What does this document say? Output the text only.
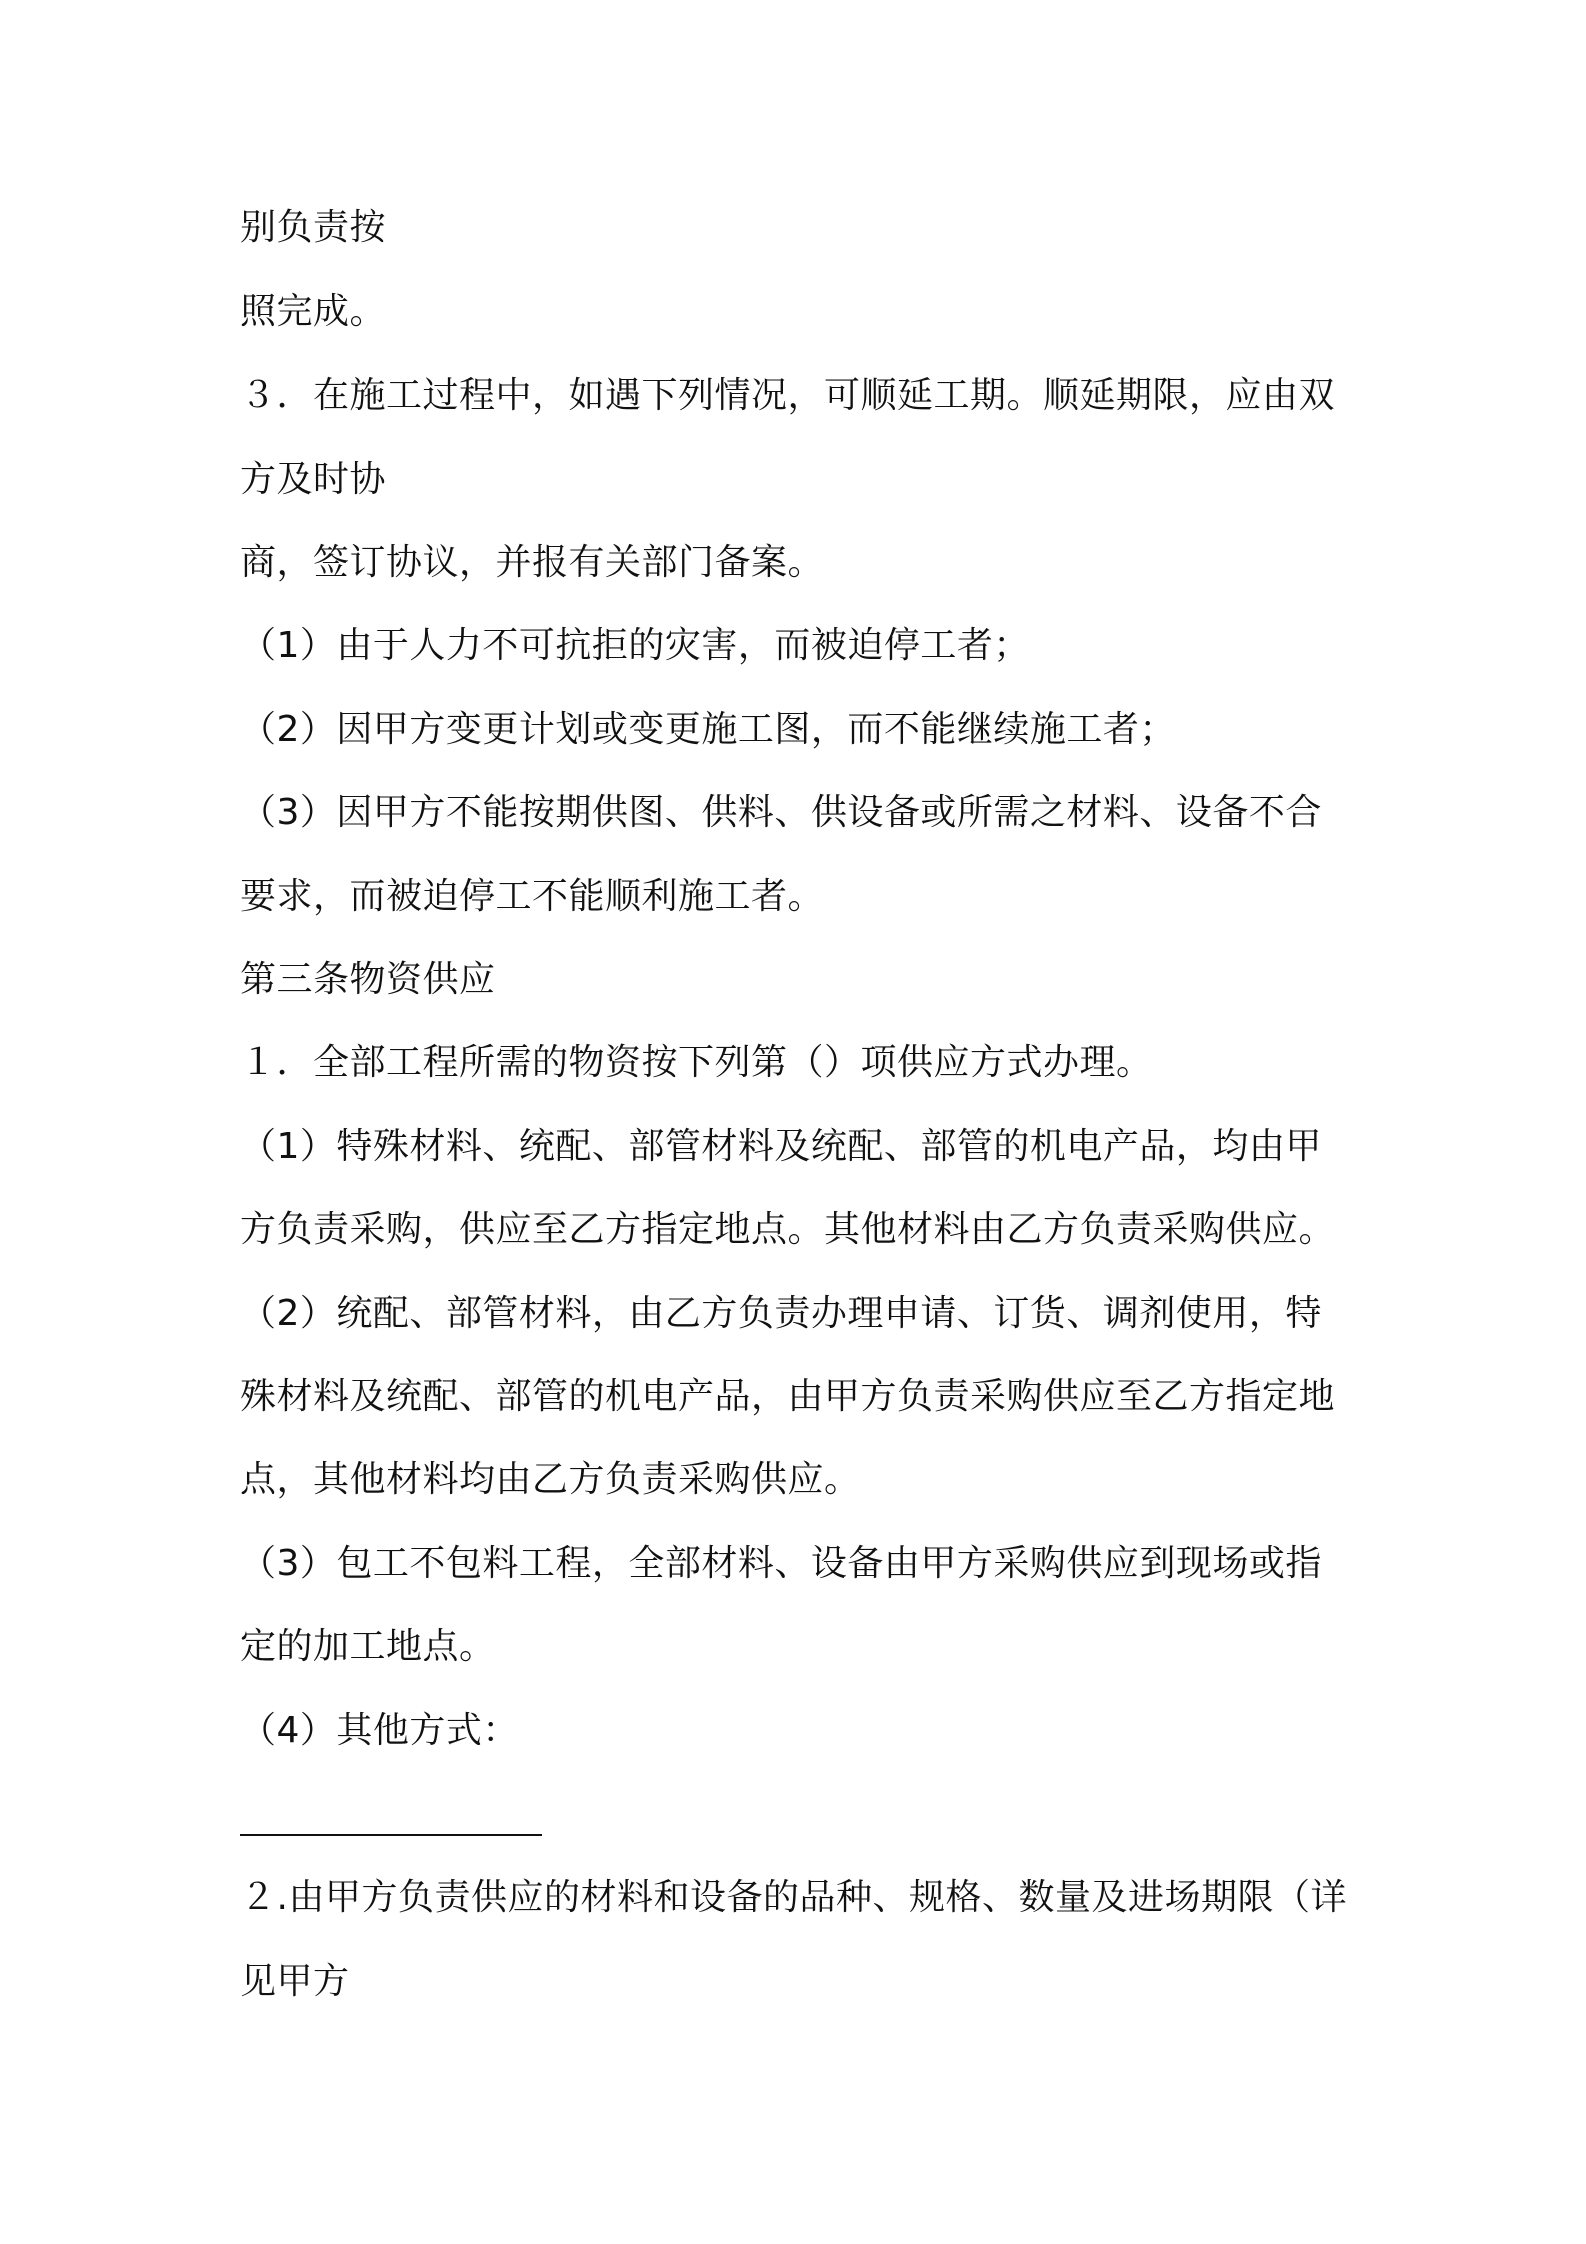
别负责按
照完成。
３．在施工过程中，如遇下列情况，可顺延工期。顺延期限，应由双
方及时协
商，签订协议，并报有关部门备案。
（1）由于人力不可抗拒的灾害，而被迫停工者；
（2）因甲方变更计划或变更施工图，而不能继续施工者；
（3）因甲方不能按期供图、供料、供设备或所需之材料、设备不合
要求，而被迫停工不能顺利施工者。
第三条物资供应
１．全部工程所需的物资按下列第（）项供应方式办理。
（1）特殊材料、统配、部管材料及统配、部管的机电产品，均由甲
方负责采购，供应至乙方指定地点。其他材料由乙方负责采购供应。
（2）统配、部管材料，由乙方负责办理申请、订货、调剂使用，特
殊材料及统配、部管的机电产品，由甲方负责采购供应至乙方指定地
点，其他材料均由乙方负责采购供应。
（3）包工不包料工程，全部材料、设备由甲方采购供应到现场或指
定的加工地点。
（4）其他方式：
２.由甲方负责供应的材料和设备的品种、规格、数量及进场期限（详
见甲方
